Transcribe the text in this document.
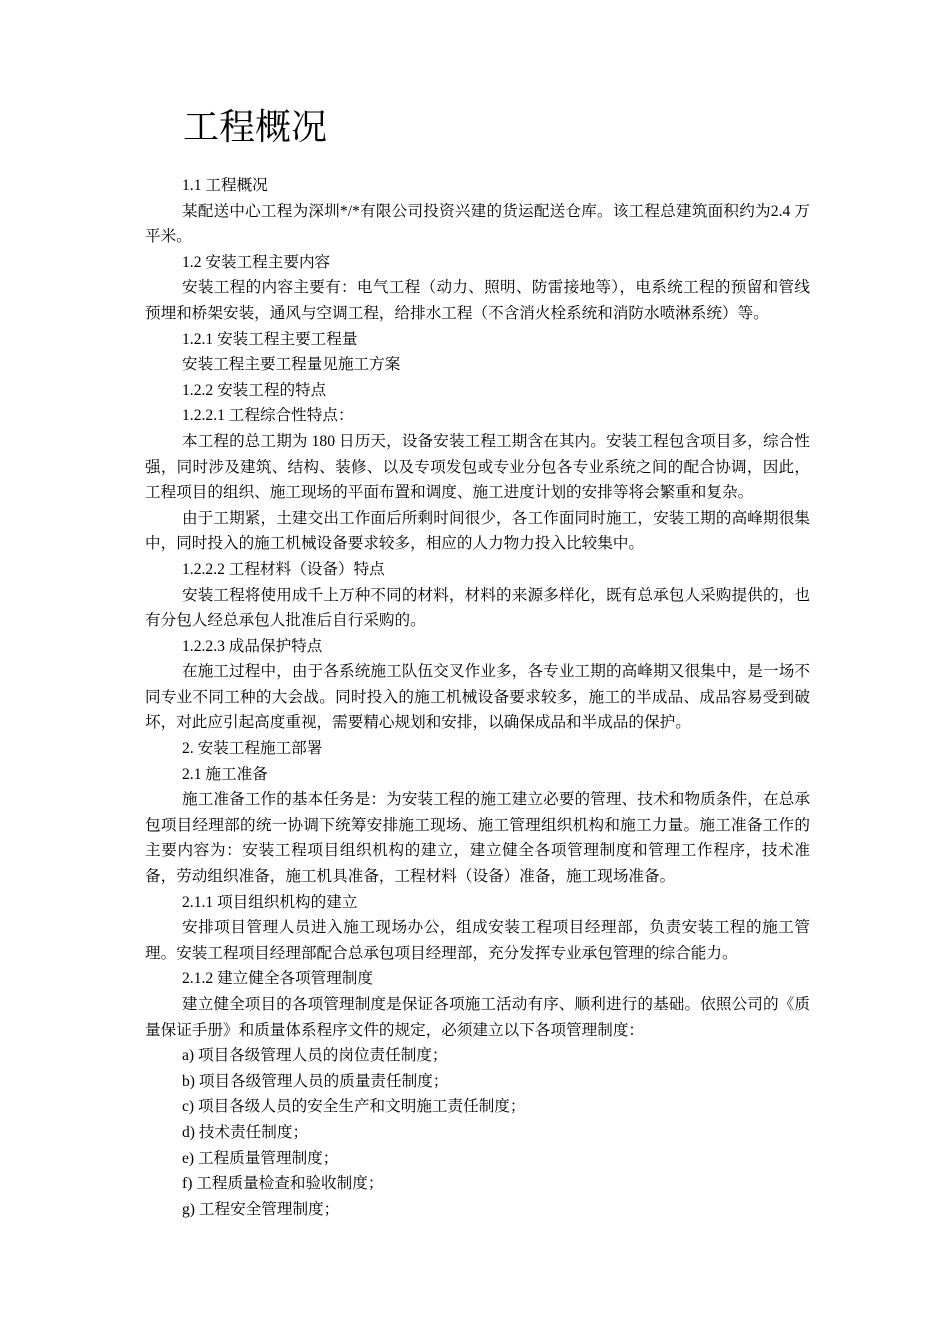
工程概况

1.1 工程概况

某配送中心工程为深圳*/*有限公司投资兴建的货运配送仓库。该工程总建筑面积约为2.4 万平米。

1.2 安装工程主要内容

安装工程的内容主要有：电气工程（动力、照明、防雷接地等），电系统工程的预留和管线预埋和桥架安装，通风与空调工程，给排水工程（不含消火栓系统和消防水喷淋系统）等。

1.2.1 安装工程主要工程量

安装工程主要工程量见施工方案

1.2.2 安装工程的特点

1.2.2.1 工程综合性特点：

本工程的总工期为 180 日历天，设备安装工程工期含在其内。安装工程包含项目多，综合性强，同时涉及建筑、结构、装修、以及专项发包或专业分包各专业系统之间的配合协调，因此，工程项目的组织、施工现场的平面布置和调度、施工进度计划的安排等将会繁重和复杂。

由于工期紧，土建交出工作面后所剩时间很少，各工作面同时施工，安装工期的高峰期很集中，同时投入的施工机械设备要求较多，相应的人力物力投入比较集中。

1.2.2.2 工程材料（设备）特点

安装工程将使用成千上万种不同的材料，材料的来源多样化，既有总承包人采购提供的，也有分包人经总承包人批准后自行采购的。

1.2.2.3 成品保护特点

在施工过程中，由于各系统施工队伍交叉作业多，各专业工期的高峰期又很集中，是一场不同专业不同工种的大会战。同时投入的施工机械设备要求较多，施工的半成品、成品容易受到破坏，对此应引起高度重视，需要精心规划和安排，以确保成品和半成品的保护。

2. 安装工程施工部署

2.1 施工准备

施工准备工作的基本任务是：为安装工程的施工建立必要的管理、技术和物质条件，在总承包项目经理部的统一协调下统筹安排施工现场、施工管理组织机构和施工力量。施工准备工作的主要内容为：安装工程项目组织机构的建立，建立健全各项管理制度和管理工作程序，技术准备，劳动组织准备，施工机具准备，工程材料（设备）准备，施工现场准备。

2.1.1 项目组织机构的建立

安排项目管理人员进入施工现场办公，组成安装工程项目经理部，负责安装工程的施工管理。安装工程项目经理部配合总承包项目经理部，充分发挥专业承包管理的综合能力。

2.1.2 建立健全各项管理制度

建立健全项目的各项管理制度是保证各项施工活动有序、顺利进行的基础。依照公司的《质量保证手册》和质量体系程序文件的规定，必须建立以下各项管理制度：

a) 项目各级管理人员的岗位责任制度；

b) 项目各级管理人员的质量责任制度；

c) 项目各级人员的安全生产和文明施工责任制度；

d) 技术责任制度；

e) 工程质量管理制度；

f) 工程质量检查和验收制度；

g) 工程安全管理制度；
